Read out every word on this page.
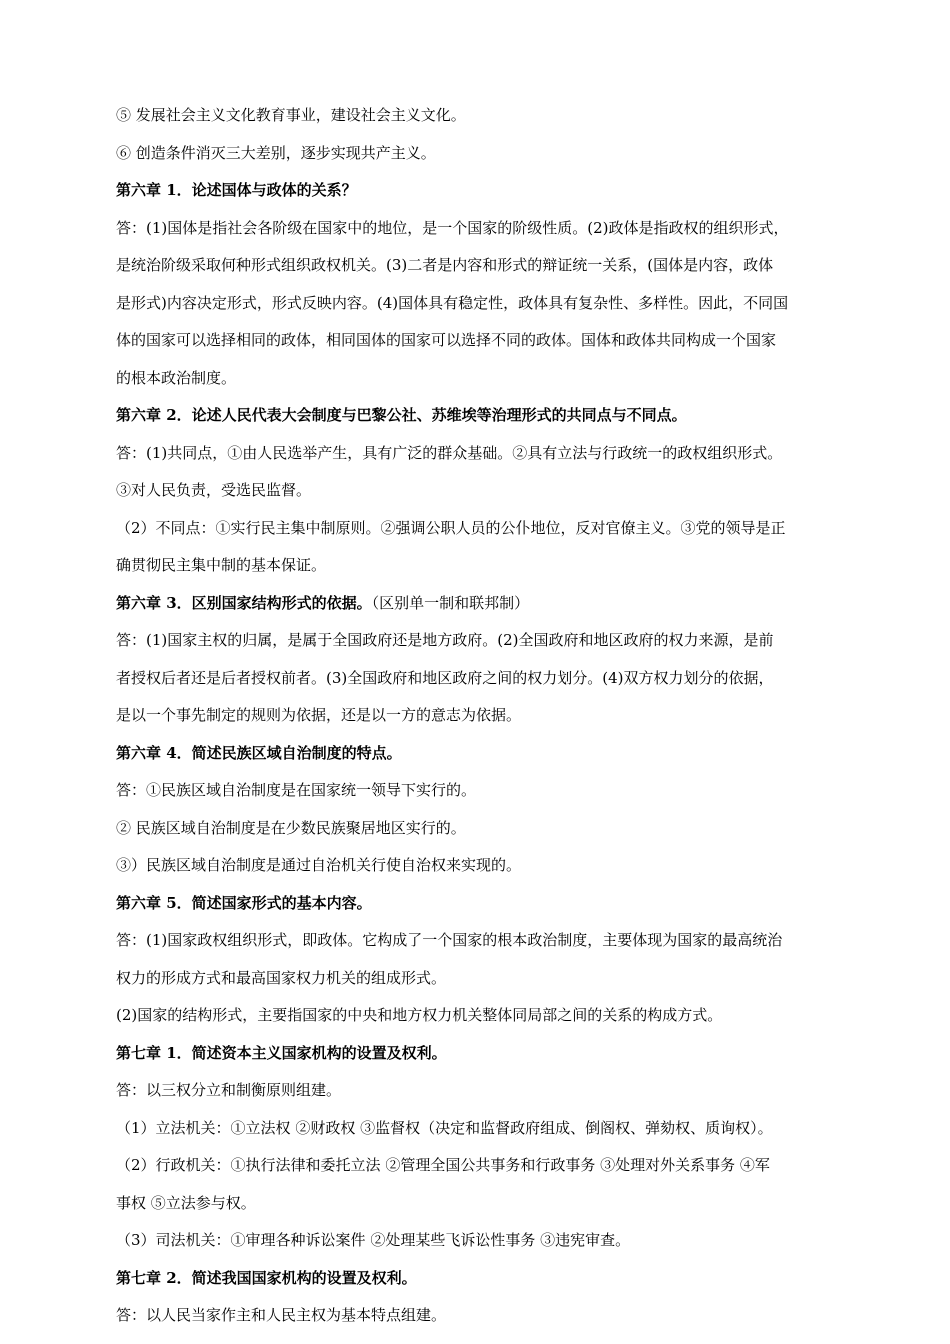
⑤ 发展社会主义文化教育事业，建设社会主义文化。

⑥ 创造条件消灭三大差别，逐步实现共产主义。

第六章 1．论述国体与政体的关系？

答：(1)国体是指社会各阶级在国家中的地位，是一个国家的阶级性质。(2)政体是指政权的组织形式，

是统治阶级采取何种形式组织政权机关。(3)二者是内容和形式的辩证统一关系，(国体是内容，政体

是形式)内容决定形式，形式反映内容。(4)国体具有稳定性，政体具有复杂性、多样性。因此，不同国

体的国家可以选择相同的政体，相同国体的国家可以选择不同的政体。国体和政体共同构成一个国家

的根本政治制度。

第六章 2．论述人民代表大会制度与巴黎公社、苏维埃等治理形式的共同点与不同点。

答：(1)共同点，①由人民选举产生，具有广泛的群众基础。②具有立法与行政统一的政权组织形式。

③对人民负责，受选民监督。

（2）不同点：①实行民主集中制原则。②强调公职人员的公仆地位，反对官僚主义。③党的领导是正

确贯彻民主集中制的基本保证。

第六章 3．区别国家结构形式的依据。（区别单一制和联邦制）

答：(1)国家主权的归属，是属于全国政府还是地方政府。(2)全国政府和地区政府的权力来源，是前

者授权后者还是后者授权前者。(3)全国政府和地区政府之间的权力划分。(4)双方权力划分的依据，

是以一个事先制定的规则为依据，还是以一方的意志为依据。

第六章 4．简述民族区域自治制度的特点。

答：①民族区域自治制度是在国家统一领导下实行的。

② 民族区域自治制度是在少数民族聚居地区实行的。

③）民族区域自治制度是通过自治机关行使自治权来实现的。

第六章 5．简述国家形式的基本内容。

答：(1)国家政权组织形式，即政体。它构成了一个国家的根本政治制度，主要体现为国家的最高统治

权力的形成方式和最高国家权力机关的组成形式。

(2)国家的结构形式，主要指国家的中央和地方权力机关整体同局部之间的关系的构成方式。

第七章 1．简述资本主义国家机构的设置及权利。

答：以三权分立和制衡原则组建。

（1）立法机关：①立法权 ②财政权 ③监督权（决定和监督政府组成、倒阁权、弹劾权、质询权）。

（2）行政机关：①执行法律和委托立法 ②管理全国公共事务和行政事务 ③处理对外关系事务 ④军

事权 ⑤立法参与权。

（3）司法机关：①审理各种诉讼案件 ②处理某些飞诉讼性事务 ③违宪审查。

第七章 2．简述我国国家机构的设置及权利。

答：以人民当家作主和人民主权为基本特点组建。
